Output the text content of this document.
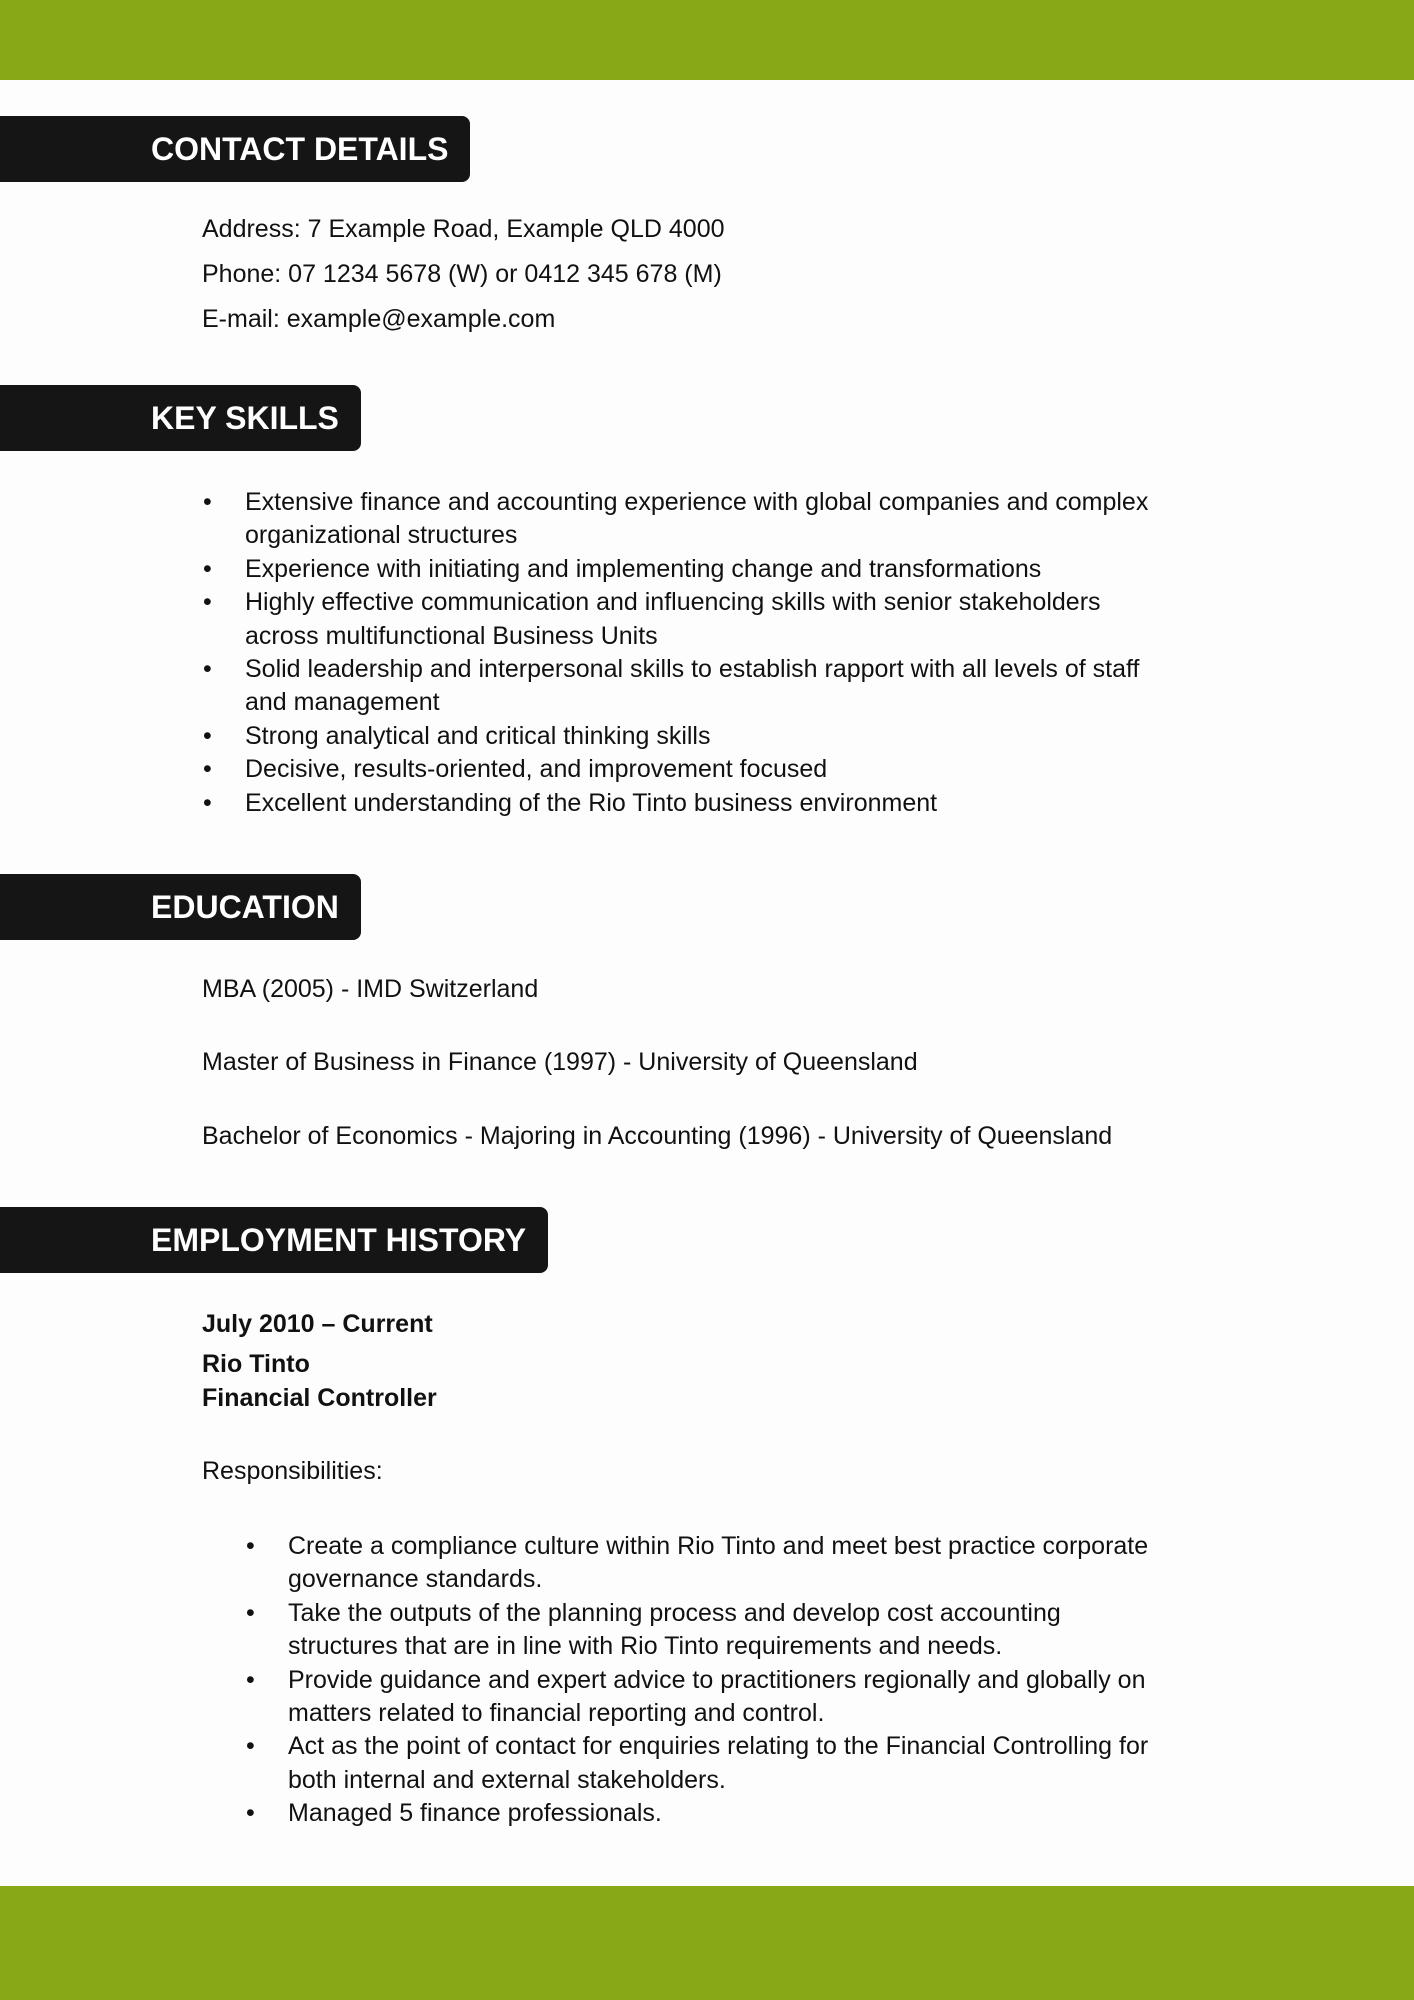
CONTACT DETAILS
Address: 7 Example Road, Example QLD 4000
Phone: 07 1234 5678 (W) or 0412 345 678 (M)
E-mail: example@example.com
KEY SKILLS
• Extensive finance and accounting experience with global companies and complex
organizational structures
• Experience with initiating and implementing change and transformations
• Highly effective communication and influencing skills with senior stakeholders
across multifunctional Business Units
• Solid leadership and interpersonal skills to establish rapport with all levels of staff
and management
• Strong analytical and critical thinking skills
• Decisive, results-oriented, and improvement focused
• Excellent understanding of the Rio Tinto business environment
EDUCATION
MBA (2005) - IMD Switzerland
Master of Business in Finance (1997) - University of Queensland
Bachelor of Economics - Majoring in Accounting (1996) - University of Queensland
EMPLOYMENT HISTORY
July 2010 – Current
Rio Tinto
Financial Controller
Responsibilities:
• Create a compliance culture within Rio Tinto and meet best practice corporate
governance standards.
• Take the outputs of the planning process and develop cost accounting
structures that are in line with Rio Tinto requirements and needs.
• Provide guidance and expert advice to practitioners regionally and globally on
matters related to financial reporting and control.
• Act as the point of contact for enquiries relating to the Financial Controlling for
both internal and external stakeholders.
• Managed 5 finance professionals.
